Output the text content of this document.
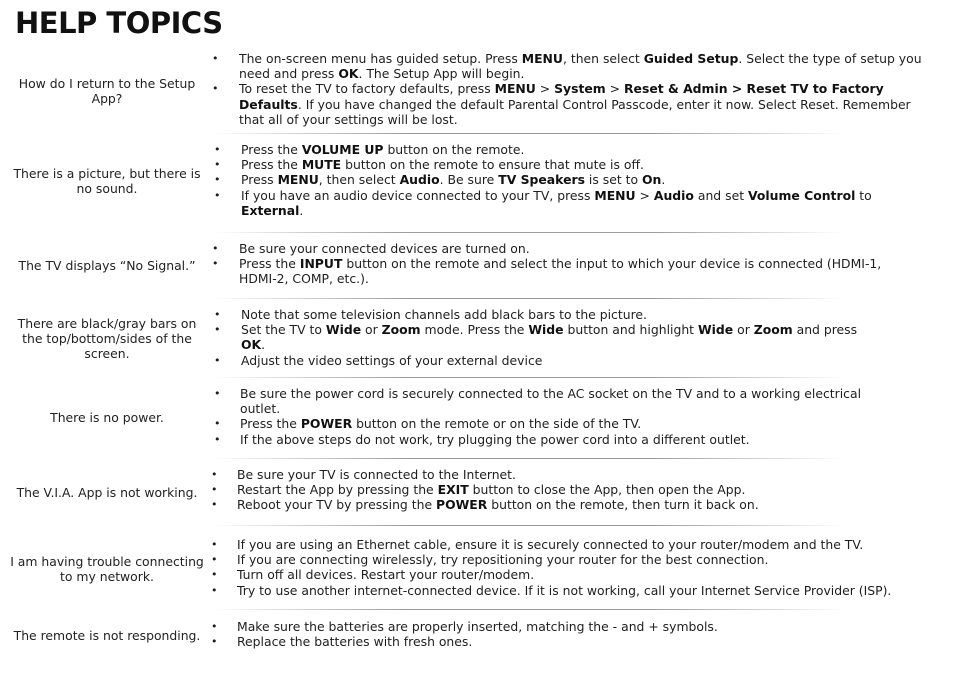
HELP TOPICS
How do I return to the Setup App?
• The on-screen menu has guided setup. Press MENU, then select Guided Setup. Select the type of setup you need and press OK. The Setup App will begin.
• To reset the TV to factory defaults, press MENU > System > Reset & Admin > Reset TV to Factory Defaults. If you have changed the default Parental Control Passcode, enter it now. Select Reset. Remember that all of your settings will be lost.
There is a picture, but there is no sound.
• Press the VOLUME UP button on the remote.
• Press the MUTE button on the remote to ensure that mute is off.
• Press MENU, then select Audio. Be sure TV Speakers is set to On.
• If you have an audio device connected to your TV, press MENU > Audio and set Volume Control to External.
The TV displays “No Signal.”
• Be sure your connected devices are turned on.
• Press the INPUT button on the remote and select the input to which your device is connected (HDMI-1, HDMI-2, COMP, etc.).
There are black/gray bars on the top/bottom/sides of the screen.
• Note that some television channels add black bars to the picture.
• Set the TV to Wide or Zoom mode. Press the Wide button and highlight Wide or Zoom and press OK.
• Adjust the video settings of your external device
There is no power.
• Be sure the power cord is securely connected to the AC socket on the TV and to a working electrical outlet.
• Press the POWER button on the remote or on the side of the TV.
• If the above steps do not work, try plugging the power cord into a different outlet.
The V.I.A. App is not working.
• Be sure your TV is connected to the Internet.
• Restart the App by pressing the EXIT button to close the App, then open the App.
• Reboot your TV by pressing the POWER button on the remote, then turn it back on.
I am having trouble connecting to my network.
• If you are using an Ethernet cable, ensure it is securely connected to your router/modem and the TV.
• If you are connecting wirelessly, try repositioning your router for the best connection.
• Turn off all devices. Restart your router/modem.
• Try to use another internet-connected device. If it is not working, call your Internet Service Provider (ISP).
The remote is not responding.
• Make sure the batteries are properly inserted, matching the - and + symbols.
• Replace the batteries with fresh ones.
